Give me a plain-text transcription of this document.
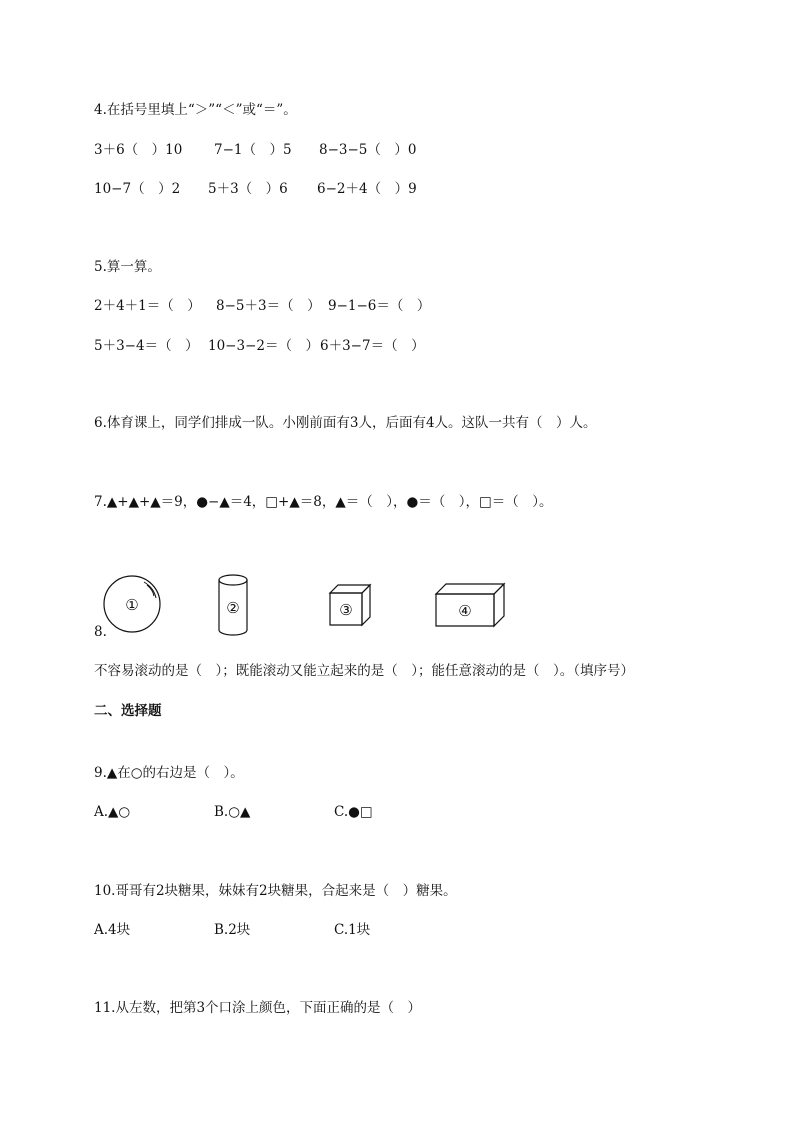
4.在括号里填上“＞”“＜”或“＝”。
3＋6（　）10	7−1（　）5	8−3−5（　）0
10−7（　）2	5＋3（　）6	6−2＋4（　）9
5.算一算。
2＋4＋1＝（　）	8−5＋3＝（　） 9−1−6＝（　）
5＋3−4＝（　） 10−3−2＝（　） 6＋3−7＝（　）
6.体育课上，同学们排成一队。小刚前面有3人，后面有4人。这队一共有（　）人。
7.▲+▲+▲＝9，●−▲＝4，□+▲＝8，▲＝（　），●＝（　），□＝（　）。
①	②	③	④
8.
不容易滚动的是（　）；既能滚动又能立起来的是（　）；能任意滚动的是（　）。（填序号）
二、选择题
9.▲在○的右边是（　）。
A.▲○	B.○▲	C.●□
10.哥哥有2块糖果，妹妹有2块糖果，合起来是（　）糖果。
A.4块	B.2块	C.1块
11.从左数，把第3个口涂上颜色，下面正确的是（　）
